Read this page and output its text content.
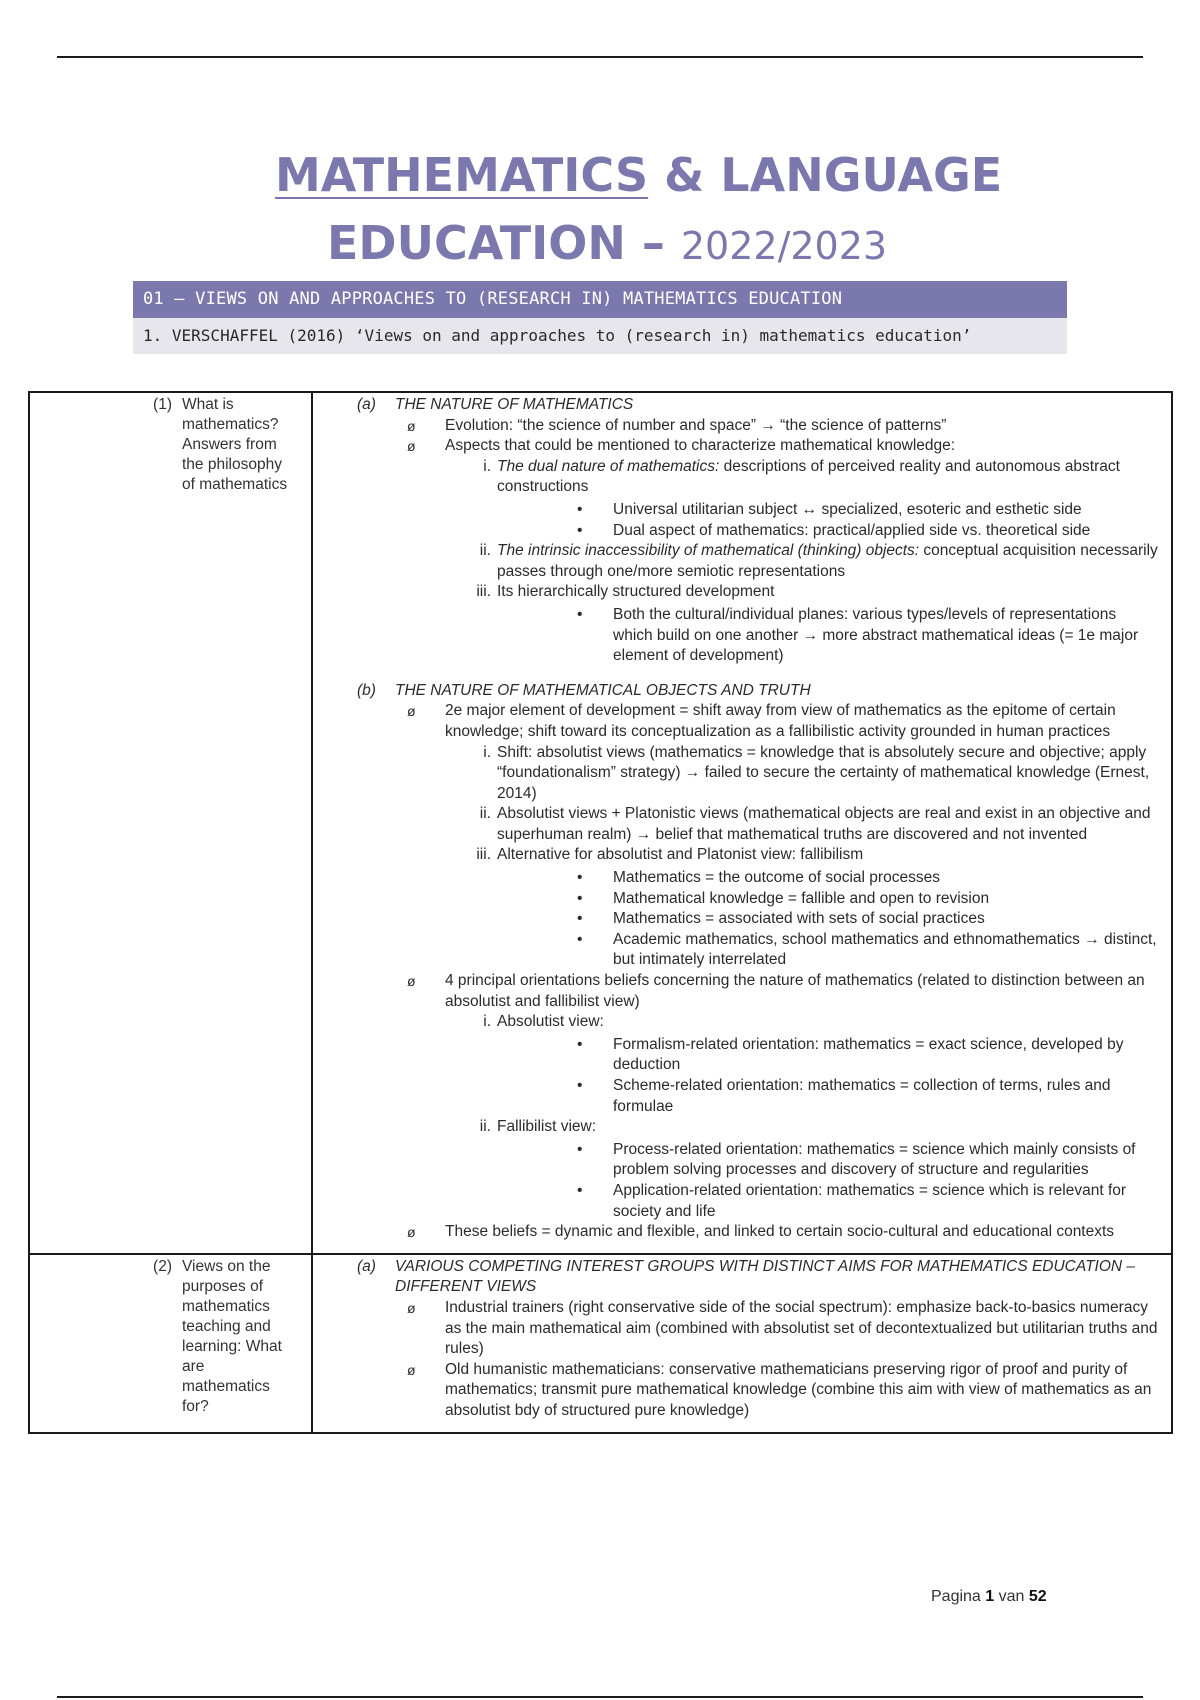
MATHEMATICS & LANGUAGE
EDUCATION – 2022/2023
01 – VIEWS ON AND APPROACHES TO (RESEARCH IN) MATHEMATICS EDUCATION
1. VERSCHAFFEL (2016) ‘Views on and approaches to (research in) mathematics education’
(1) What is mathematics? Answers from the philosophy of mathematics
(a) THE NATURE OF MATHEMATICS
ø Evolution: “the science of number and space” → “the science of patterns”
ø Aspects that could be mentioned to characterize mathematical knowledge:
i. The dual nature of mathematics: descriptions of perceived reality and autonomous abstract constructions
• Universal utilitarian subject ↔ specialized, esoteric and esthetic side
• Dual aspect of mathematics: practical/applied side vs. theoretical side
ii. The intrinsic inaccessibility of mathematical (thinking) objects: conceptual acquisition necessarily passes through one/more semiotic representations
iii. Its hierarchically structured development
• Both the cultural/individual planes: various types/levels of representations which build on one another → more abstract mathematical ideas (= 1e major element of development)
(b) THE NATURE OF MATHEMATICAL OBJECTS AND TRUTH
ø 2e major element of development = shift away from view of mathematics as the epitome of certain knowledge; shift toward its conceptualization as a fallibilistic activity grounded in human practices
i. Shift: absolutist views (mathematics = knowledge that is absolutely secure and objective; apply “foundationalism” strategy) → failed to secure the certainty of mathematical knowledge (Ernest, 2014)
ii. Absolutist views + Platonistic views (mathematical objects are real and exist in an objective and superhuman realm) → belief that mathematical truths are discovered and not invented
iii. Alternative for absolutist and Platonist view: fallibilism
• Mathematics = the outcome of social processes
• Mathematical knowledge = fallible and open to revision
• Mathematics = associated with sets of social practices
• Academic mathematics, school mathematics and ethnomathematics → distinct, but intimately interrelated
ø 4 principal orientations beliefs concerning the nature of mathematics (related to distinction between an absolutist and fallibilist view)
i. Absolutist view:
• Formalism-related orientation: mathematics = exact science, developed by deduction
• Scheme-related orientation: mathematics = collection of terms, rules and formulae
ii. Fallibilist view:
• Process-related orientation: mathematics = science which mainly consists of problem solving processes and discovery of structure and regularities
• Application-related orientation: mathematics = science which is relevant for society and life
ø These beliefs = dynamic and flexible, and linked to certain socio-cultural and educational contexts
(2) Views on the purposes of mathematics teaching and learning: What are mathematics for?
(a) VARIOUS COMPETING INTEREST GROUPS WITH DISTINCT AIMS FOR MATHEMATICS EDUCATION – DIFFERENT VIEWS
ø Industrial trainers (right conservative side of the social spectrum): emphasize back-to-basics numeracy as the main mathematical aim (combined with absolutist set of decontextualized but utilitarian truths and rules)
ø Old humanistic mathematicians: conservative mathematicians preserving rigor of proof and purity of mathematics; transmit pure mathematical knowledge (combine this aim with view of mathematics as an absolutist bdy of structured pure knowledge)
Pagina 1 van 52
